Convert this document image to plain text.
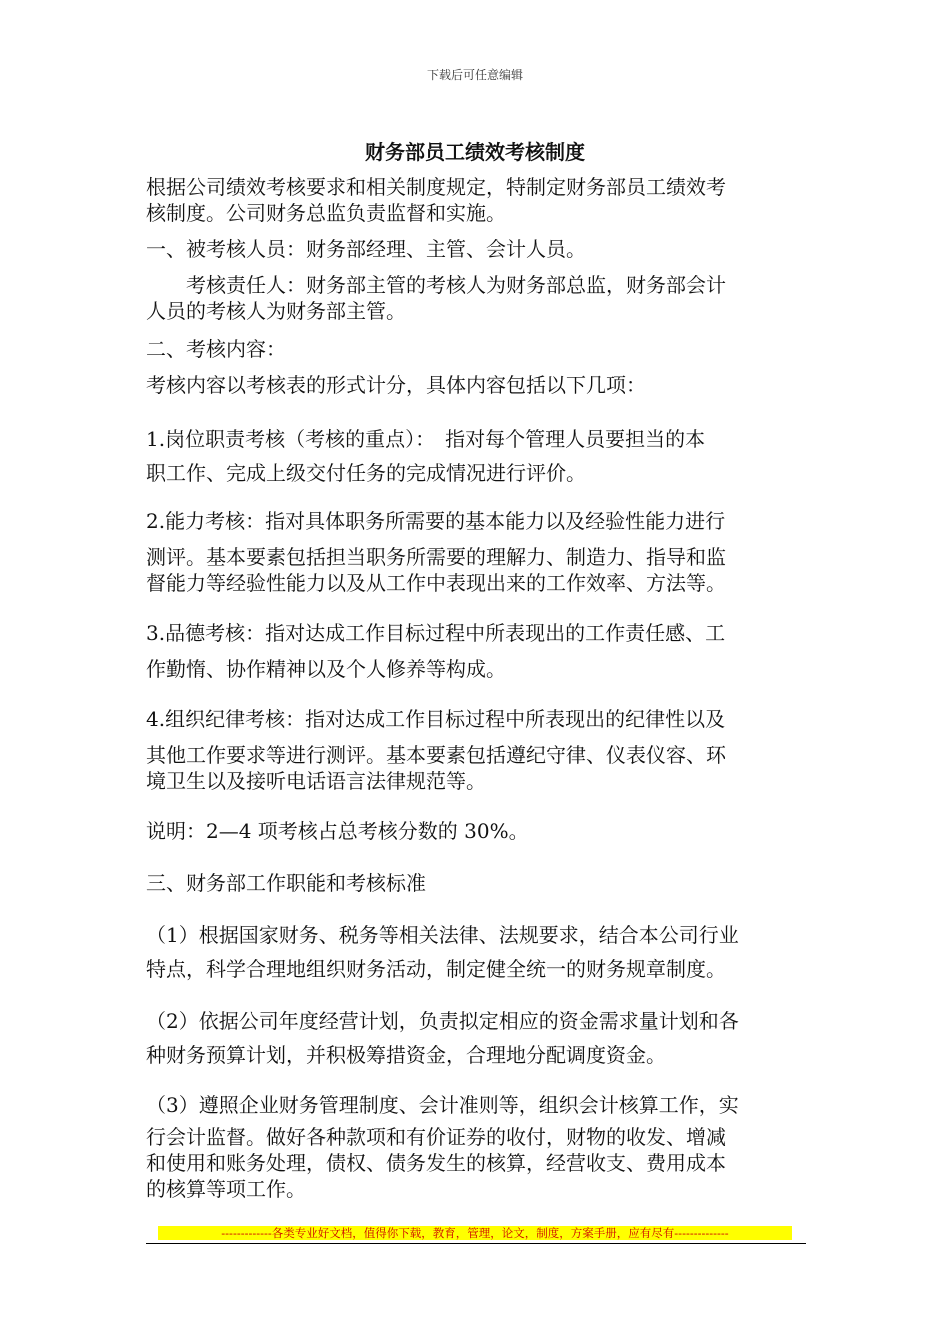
下载后可任意编辑
财务部员工绩效考核制度
根据公司绩效考核要求和相关制度规定，特制定财务部员工绩效考
核制度。公司财务总监负责监督和实施。
一、被考核人员：财务部经理、主管、会计人员。
　　考核责任人：财务部主管的考核人为财务部总监，财务部会计
人员的考核人为财务部主管。
二、考核内容：
考核内容以考核表的形式计分，具体内容包括以下几项：
1.岗位职责考核（考核的重点）：　指对每个管理人员要担当的本
职工作、完成上级交付任务的完成情况进行评价。
2.能力考核：指对具体职务所需要的基本能力以及经验性能力进行
测评。基本要素包括担当职务所需要的理解力、制造力、指导和监
督能力等经验性能力以及从工作中表现出来的工作效率、方法等。
3.品德考核：指对达成工作目标过程中所表现出的工作责任感、工
作勤惰、协作精神以及个人修养等构成。
4.组织纪律考核：指对达成工作目标过程中所表现出的纪律性以及
其他工作要求等进行测评。基本要素包括遵纪守律、仪表仪容、环
境卫生以及接听电话语言法律规范等。
说明：2—4 项考核占总考核分数的 30%。
三、财务部工作职能和考核标准
（1）根据国家财务、税务等相关法律、法规要求，结合本公司行业
特点，科学合理地组织财务活动，制定健全统一的财务规章制度。
（2）依据公司年度经营计划，负责拟定相应的资金需求量计划和各
种财务预算计划，并积极筹措资金，合理地分配调度资金。
（3）遵照企业财务管理制度、会计准则等，组织会计核算工作，实
行会计监督。做好各种款项和有价证券的收付，财物的收发、增减
和使用和账务处理，债权、债务发生的核算，经营收支、费用成本
的核算等项工作。
-------------各类专业好文档，值得你下载，教育，管理，论文，制度，方案手册，应有尽有--------------
